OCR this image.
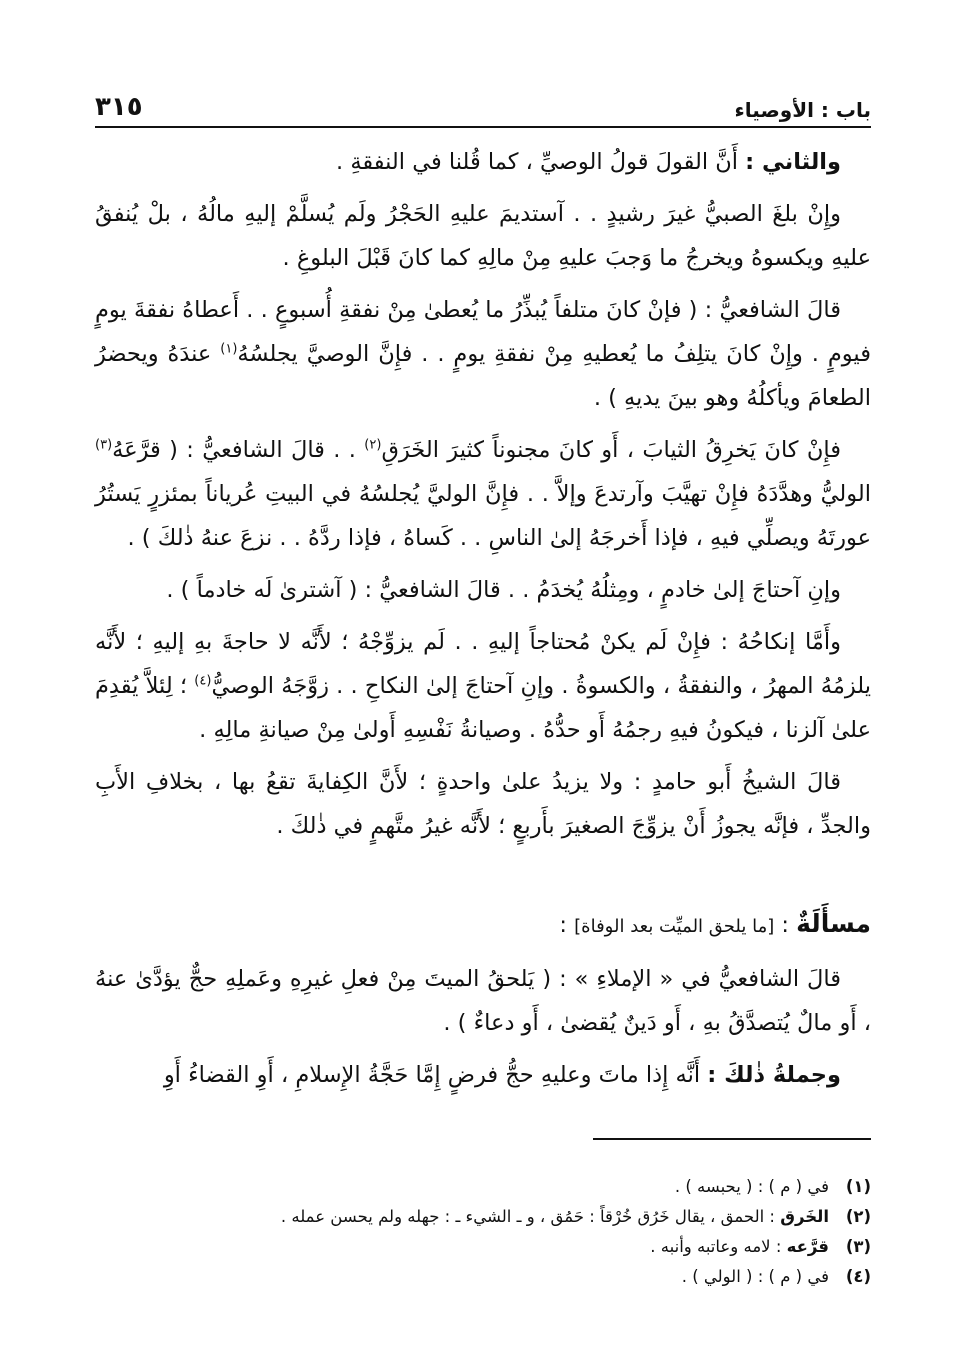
باب : الأوصياء
٣١٥

والثاني : أَنَّ القولَ قولُ الوصيِّ ، كما قُلنا في النفقةِ .

وإِنْ بلغَ الصبيُّ غيرَ رشيدٍ . . آستديمَ عليهِ الحَجْرُ ولَم يُسلَّمْ إليهِ مالُهُ ، بلْ يُنفقُ عليهِ ويكسوهُ ويخرجُ ما وَجبَ عليهِ مِنْ مالِهِ كما كانَ قَبْلَ البلوغِ .

قالَ الشافعيُّ : ( فإنْ كانَ متلفاً يُبذِّرُ ما يُعطىٰ مِنْ نفقةِ أُسبوعٍ . . أَعطاهُ نفقةَ يومٍ فيومٍ . وإِنْ كانَ يتلِفُ ما يُعطيهِ مِنْ نفقةِ يومٍ . . فإِنَّ الوصيَّ يجلسُهُ$^{(١)}$ عندَهُ ويحضرُ الطعامَ ويأكلُهُ وهو بينَ يديهِ ) .

فإِنْ كانَ يَخرِقُ الثيابَ ، أَو كانَ مجنوناً كثيرَ الخَرَقِ$^{(٢)}$ . . قالَ الشافعيُّ : ( قرَّعَهُ$^{(٣)}$ الوليُّ وهدَّدَهُ فإِنْ تهيَّبَ وآرتدعَ وإلاَّ . . فإِنَّ الوليَّ يُجلسُهُ في البيتِ عُرياناً بمئزرٍ يَستُرُ عورتَهُ ويصلِّي فيهِ ، فإذا أَخرجَهُ إلىٰ الناسِ . . كَساهُ ، فإذا ردَّهُ . . نزعَ عنهُ ذٰلكَ ) .

وإنِ آحتاجَ إلىٰ خادمٍ ، ومِثلُهُ يُخدَمُ . . قالَ الشافعيُّ : ( آشترىٰ لَه خادماً ) .

وأَمَّا إنكاحُهُ : فإِنْ لَم يكنْ مُحتاجاً إليهِ . . لَم يزوِّجْهُ ؛ لأَنَّه لا حاجةَ بهِ إليهِ ؛ لأَنَّه يلزمُهُ المهرُ ، والنفقةُ ، والكسوةُ . وإنِ آحتاجَ إلىٰ النكاحِ . . زوَّجَهُ الوصيُّ$^{(٤)}$ ؛ لِئلاَّ يُقدِمَ علىٰ آلزنا ، فيكونُ فيهِ رجمُهُ أَو حدُّهُ . وصيانةُ نَفْسِهِ أَولىٰ مِنْ صيانةِ مالِهِ .

قالَ الشيخُ أَبو حامدٍ : ولا يزيدُ علىٰ واحدةٍ ؛ لأَنَّ الكِفايةَ تقعُ بها ، بخلافِ الأَبِ والجدِّ ، فإنَّه يجوزُ أَنْ يزوِّجَ الصغيرَ بأَربعٍ ؛ لأَنَّه غيرُ متَّهمٍ في ذٰلكَ .

مسأَلَةٌ : [ما يلحق الميِّت بعد الوفاة] :

قالَ الشافعيُّ في « الإملاءِ » : ( يَلحقُ الميتَ مِنْ فعلِ غيرِهِ وعَملِهِ حجٌّ يؤدَّىٰ عنهُ ، أَو مالٌ يُتصدَّقُ بهِ ، أَو دَينٌ يُقضىٰ ، أَو دعاءٌ ) .

وجملةُ ذٰلكَ : أَنَّه إِذا ماتَ وعليهِ حجُّ فرضٍ إِمَّا حَجَّةُ الإِسلامِ ، أَوِ القضاءُ أَوِ

(١)
في ( م ) : ( يحبسه ) .
(٢)
الخَرق : الحمق ، يقال خَرُق خُرْقاً : حَمُق ، و ـ الشيء ـ : جهله ولم يحسن عمله .
(٣)
قرَّعه : لامه وعاتبه وأنبه .
(٤)
في ( م ) : ( الولي ) .
